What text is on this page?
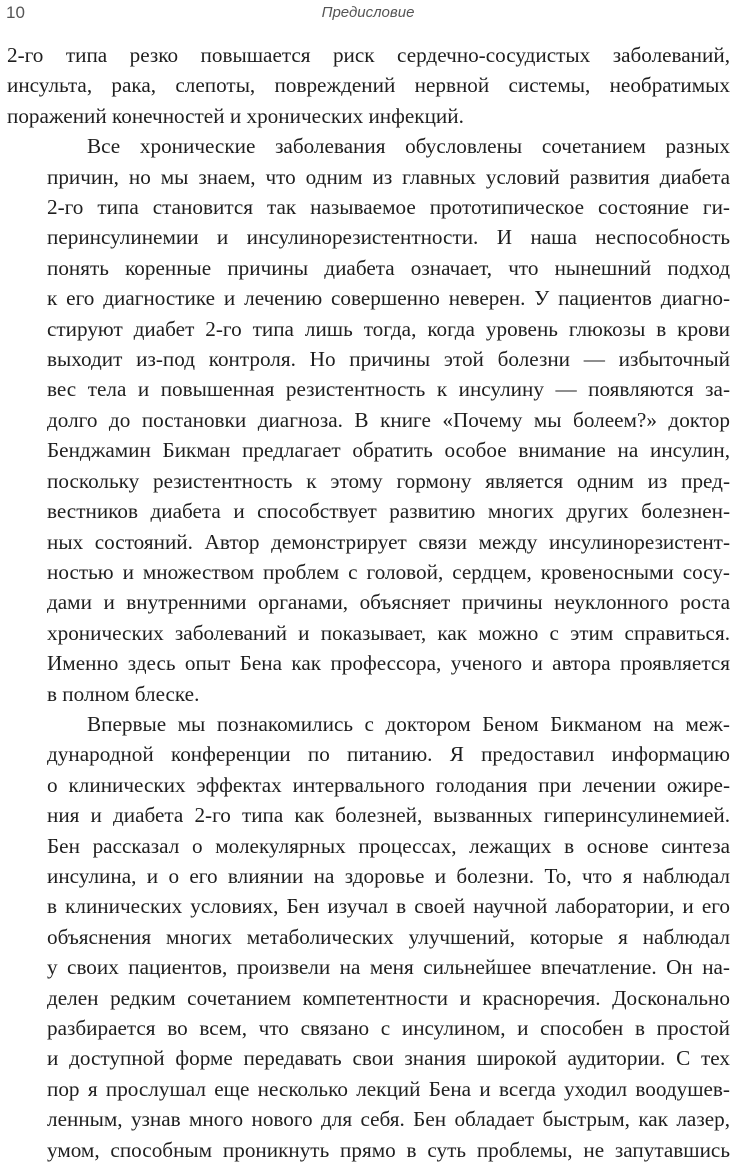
10	Предисловие

2-го типа резко повышается риск сердечно-сосудистых заболеваний,
инсульта, рака, слепоты, повреждений нервной системы, необратимых
поражений конечностей и хронических инфекций.

Все хронические заболевания обусловлены сочетанием разных
причин, но мы знаем, что одним из главных условий развития диабета
2-го типа становится так называемое прототипическое состояние ги-
перинсулинемии и инсулинорезистентности. И наша неспособность
понять коренные причины диабета означает, что нынешний подход
к его диагностике и лечению совершенно неверен. У пациентов диагно-
стируют диабет 2-го типа лишь тогда, когда уровень глюкозы в крови
выходит из-под контроля. Но причины этой болезни — избыточный
вес тела и повышенная резистентность к инсулину — появляются за-
долго до постановки диагноза. В книге «Почему мы болеем?» доктор
Бенджамин Бикман предлагает обратить особое внимание на инсулин,
поскольку резистентность к этому гормону является одним из пред-
вестников диабета и способствует развитию многих других болезнен-
ных состояний. Автор демонстрирует связи между инсулинорезистент-
ностью и множеством проблем с головой, сердцем, кровеносными сосу-
дами и внутренними органами, объясняет причины неуклонного роста
хронических заболеваний и показывает, как можно с этим справиться.
Именно здесь опыт Бена как профессора, ученого и автора проявляется
в полном блеске.

Впервые мы познакомились с доктором Беном Бикманом на меж-
дународной конференции по питанию. Я предоставил информацию
о клинических эффектах интервального голодания при лечении ожире-
ния и диабета 2-го типа как болезней, вызванных гиперинсулинемией.
Бен рассказал о молекулярных процессах, лежащих в основе синтеза
инсулина, и о его влиянии на здоровье и болезни. То, что я наблюдал
в клинических условиях, Бен изучал в своей научной лаборатории, и его
объяснения многих метаболических улучшений, которые я наблюдал
у своих пациентов, произвели на меня сильнейшее впечатление. Он на-
делен редким сочетанием компетентности и красноречия. Досконально
разбирается во всем, что связано с инсулином, и способен в простой
и доступной форме передавать свои знания широкой аудитории. С тех
пор я прослушал еще несколько лекций Бена и всегда уходил воодушев-
ленным, узнав много нового для себя. Бен обладает быстрым, как лазер,
умом, способным проникнуть прямо в суть проблемы, не запутавшись
